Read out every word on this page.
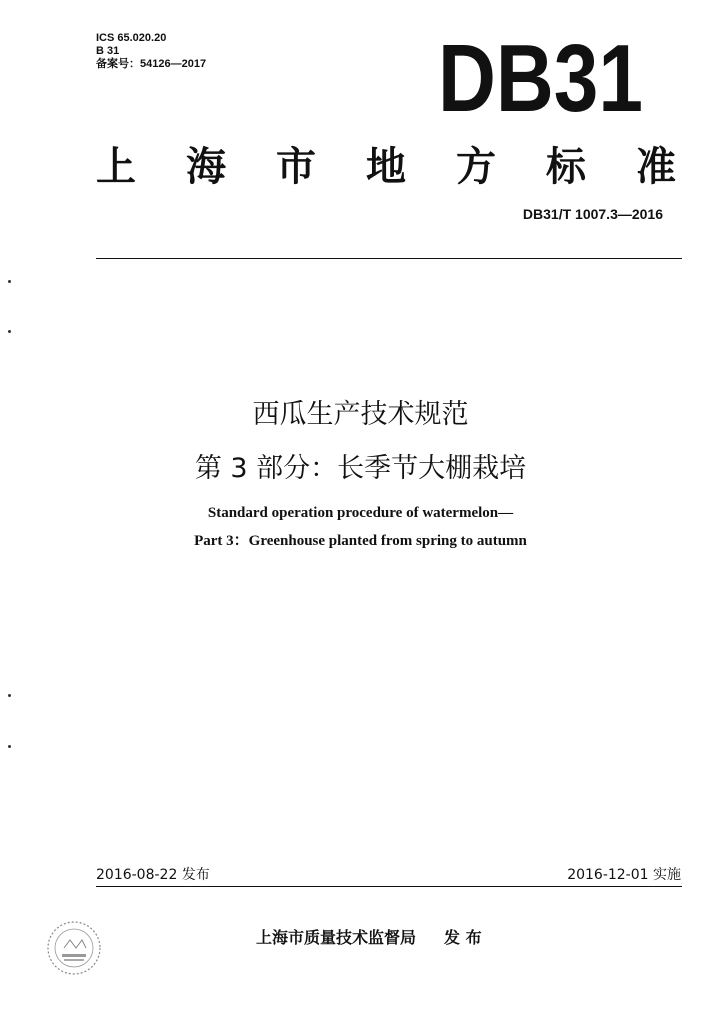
ICS 65.020.20
B 31
备案号：54126—2017 DB31
上 海 市 地 方 标 准
DB31/T 1007.3—2016
西瓜生产技术规范
第 3 部分：长季节大棚栽培
Standard operation procedure of watermelon—
Part 3：Greenhouse planted from spring to autumn
2016-08-22 发布	2016-12-01 实施
上海市质量技术监督局 发 布
